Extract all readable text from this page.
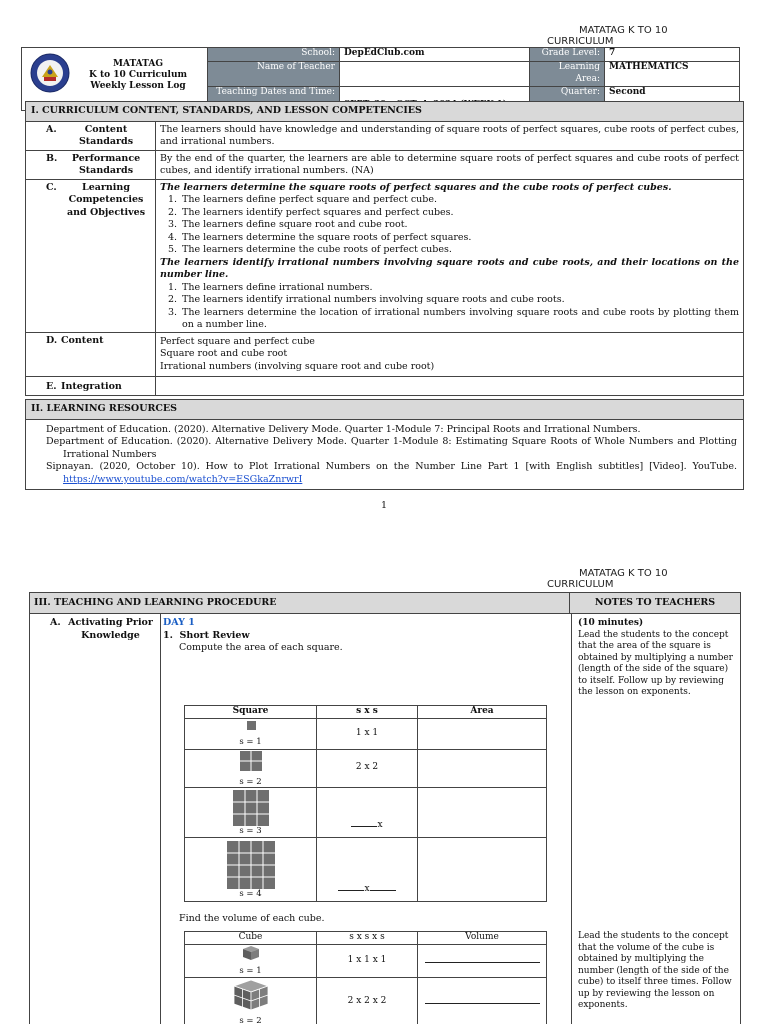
MATATAG K TO 10
CURRICULUM
MATATAG
K to 10 Curriculum
Weekly Lesson Log	School:	DepEdClub.com	Grade Level:	7
	Name of Teacher		Learning Area:	MATHEMATICS
	Teaching Dates and Time:		Quarter:	Second
I. CURRICULUM CONTENT, STANDARDS, AND LESSON COMPETENCIES
A.	Content Standards
The learners should have knowledge and understanding of square roots of perfect squares, cube roots of perfect cubes, and irrational numbers.
B.	Performance Standards
By the end of the quarter, the learners are able to determine square roots of perfect squares and cube roots of perfect cubes, and identify irrational numbers. (NA)
C.	Learning Competencies and Objectives
The learners determine the square roots of perfect squares and the cube roots of perfect cubes.
1. The learners define perfect square and perfect cube.
2. The learners identify perfect squares and perfect cubes.
3. The learners define square root and cube root.
4. The learners determine the square roots of perfect squares.
5. The learners determine the cube roots of perfect cubes.
The learners identify irrational numbers involving square roots and cube roots, and their locations on the number line.
1. The learners define irrational numbers.
2. The learners identify irrational numbers involving square roots and cube roots.
3. The learners determine the location of irrational numbers involving square roots and cube roots by plotting them on a number line.
D. Content	Perfect square and perfect cube
Square root and cube root
Irrational numbers (involving square root and cube root)
E. Integration
II. LEARNING RESOURCES

Department of Education. (2020). Alternative Delivery Mode. Quarter 1-Module 7: Principal Roots and Irrational Numbers.

Department of Education. (2020). Alternative Delivery Mode. Quarter 1-Module 8: Estimating Square Roots of Whole Numbers and Plotting Irrational Numbers

Sipnayan. (2020, October 10). How to Plot Irrational Numbers on the Number Line Part 1 [with English subtitles] [Video]. YouTube. https://www.youtube.com/watch?v=ESGkaZnrwrI

1
MATATAG K TO 10
CURRICULUM
III. TEACHING AND LEARNING PROCEDURE	NOTES TO TEACHERS
A. Activating Prior Knowledge
DAY 1
1. Short Review
Compute the area of each square.
Square	s x s	Area

s = 1	1 x 1	

s = 2	2 x 2	

s = 3	x	

s = 4	x	
Find the volume of each cube.
Cube	s x s x s	Volume

s = 1	1 x 1 x 1	

s = 2	2 x 2 x 2	

(10 minutes)
Lead the students to the concept that the area of the square is obtained by multiplying a number (length of the side of the square) to itself. Follow up by reviewing the lesson on exponents.
Lead the students to the concept that the volume of the cube is obtained by multiplying the number (length of the side of the cube) to itself three times. Follow up by reviewing the lesson on exponents.
